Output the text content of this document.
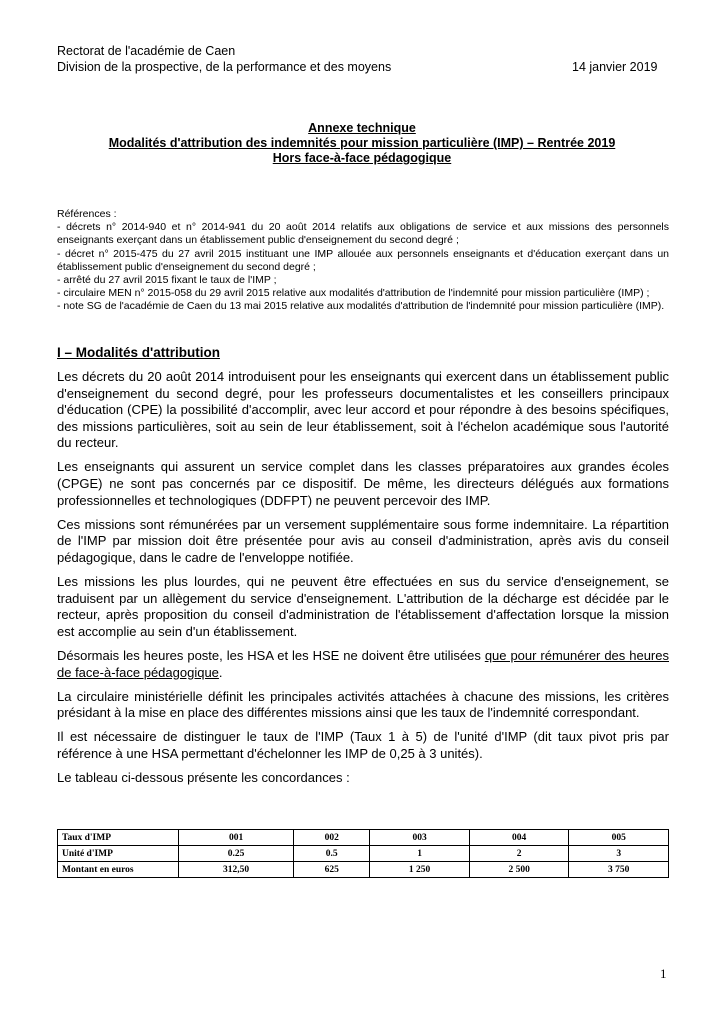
Rectorat de l'académie de Caen
Division de la prospective, de la performance et des moyens	14 janvier 2019
Annexe technique
Modalités d'attribution des indemnités pour mission particulière (IMP) – Rentrée 2019
Hors face-à-face pédagogique

Références :

- décrets n° 2014-940 et n° 2014-941 du 20 août 2014 relatifs aux obligations de service et aux missions des personnels enseignants exerçant dans un établissement public d'enseignement du second degré ;

- décret n° 2015-475 du 27 avril 2015 instituant une IMP allouée aux personnels enseignants et d'éducation exerçant dans un établissement public d'enseignement du second degré ;

- arrêté du 27 avril 2015 fixant le taux de l'IMP ;

- circulaire MEN n° 2015-058 du 29 avril 2015 relative aux modalités d'attribution de l'indemnité pour mission particulière (IMP) ;

- note SG de l'académie de Caen du 13 mai 2015 relative aux modalités d'attribution de l'indemnité pour mission particulière (IMP).

I – Modalités d'attribution

Les décrets du 20 août 2014 introduisent pour les enseignants qui exercent dans un établissement public d'enseignement du second degré, pour les professeurs documentalistes et les conseillers principaux d'éducation (CPE) la possibilité d'accomplir, avec leur accord et pour répondre à des besoins spécifiques, des missions particulières, soit au sein de leur établissement, soit à l'échelon académique sous l'autorité du recteur.

Les enseignants qui assurent un service complet dans les classes préparatoires aux grandes écoles (CPGE) ne sont pas concernés par ce dispositif. De même, les directeurs délégués aux formations professionnelles et technologiques (DDFPT) ne peuvent percevoir des IMP.

Ces missions sont rémunérées par un versement supplémentaire sous forme indemnitaire. La répartition de l'IMP par mission doit être présentée pour avis au conseil d'administration, après avis du conseil pédagogique, dans le cadre de l'enveloppe notifiée.

Les missions les plus lourdes, qui ne peuvent être effectuées en sus du service d'enseignement, se traduisent par un allègement du service d'enseignement. L'attribution de la décharge est décidée par le recteur, après proposition du conseil d'administration de l'établissement d'affectation lorsque la mission est accomplie au sein d'un établissement.

Désormais les heures poste, les HSA et les HSE ne doivent être utilisées que pour rémunérer des heures de face-à-face pédagogique.

La circulaire ministérielle définit les principales activités attachées à chacune des missions, les critères présidant à la mise en place des différentes missions ainsi que les taux de l'indemnité correspondant.

Il est nécessaire de distinguer le taux de l'IMP (Taux 1 à 5) de l'unité d'IMP (dit taux pivot pris par référence à une HSA permettant d'échelonner les IMP de 0,25 à 3 unités).

Le tableau ci-dessous présente les concordances :

Taux d'IMP	001	002	003	004	005
Unité d'IMP	0.25	0.5	1	2	3
Montant en euros	312,50	625	1 250	2 500	3 750
1
